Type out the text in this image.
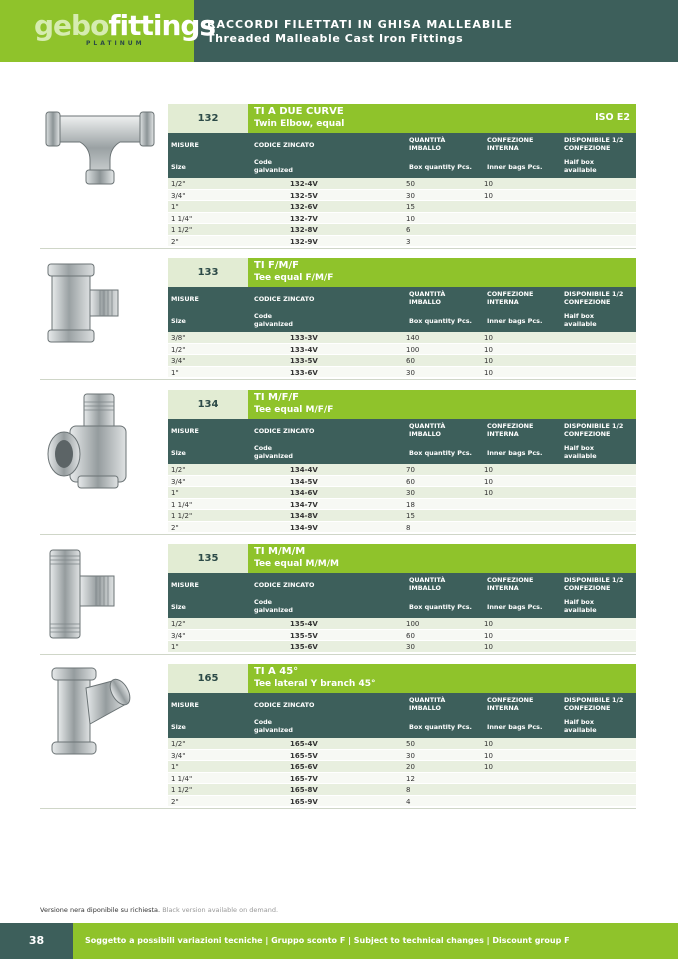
gebofittings
PLATINUM
RACCORDI FILETTATI IN GHISA MALLEABILE
Threaded Malleable Cast Iron Fittings
132
TI A DUE CURVE
Twin Elbow, equal
ISO E2
MISURE	CODICE ZINCATO
QUANTITÀ IMBALLO
CONFEZIONE INTERNA
DISPONIBILE 1/2 CONFEZIONE
Size
Code galvanized	Box quantity Pcs. Inner bags Pcs.
Half box available
1/2"	132-4V	50	10
3/4"	132-5V	30	10
1"	132-6V	15
1 1/4"	132-7V	10
1 1/2"	132-8V	6
2"	132-9V	3
133
TI F/M/F
Tee equal F/M/F
MISURE	CODICE ZINCATO
QUANTITÀ IMBALLO
CONFEZIONE INTERNA
DISPONIBILE 1/2 CONFEZIONE
Size
Code galvanized	Box quantity Pcs. Inner bags Pcs.
Half box available
3/8"	133-3V	140	10
1/2"	133-4V	100	10
3/4"	133-5V	60	10
1"	133-6V	30	10
134
TI M/F/F
Tee equal M/F/F
MISURE	CODICE ZINCATO
QUANTITÀ IMBALLO
CONFEZIONE INTERNA
DISPONIBILE 1/2 CONFEZIONE
Size
Code galvanized	Box quantity Pcs. Inner bags Pcs.
Half box available
1/2"	134-4V	70	10
3/4"	134-5V	60	10
1"	134-6V	30	10
1 1/4"	134-7V	18
1 1/2"	134-8V	15
2"	134-9V	8
135
TI M/M/M
Tee equal M/M/M
MISURE	CODICE ZINCATO
QUANTITÀ IMBALLO
CONFEZIONE INTERNA
DISPONIBILE 1/2 CONFEZIONE
Size
Code galvanized	Box quantity Pcs. Inner bags Pcs.
Half box available
1/2"	135-4V	100	10
3/4"	135-5V	60	10
1"	135-6V	30	10
165
TI A 45°
Tee lateral Y branch 45°
MISURE	CODICE ZINCATO
QUANTITÀ IMBALLO
CONFEZIONE INTERNA
DISPONIBILE 1/2 CONFEZIONE
Size
Code galvanized	Box quantity Pcs. Inner bags Pcs.
Half box available
1/2"	165-4V	50	10
3/4"	165-5V	30	10
1"	165-6V	20	10
1 1/4"	165-7V	12
1 1/2"	165-8V	8
2"	165-9V	4
Versione nera diponibile su richiesta. Black version available on demand.
38	Soggetto a possibili variazioni tecniche | Gruppo sconto F | Subject to technical changes | Discount group F
